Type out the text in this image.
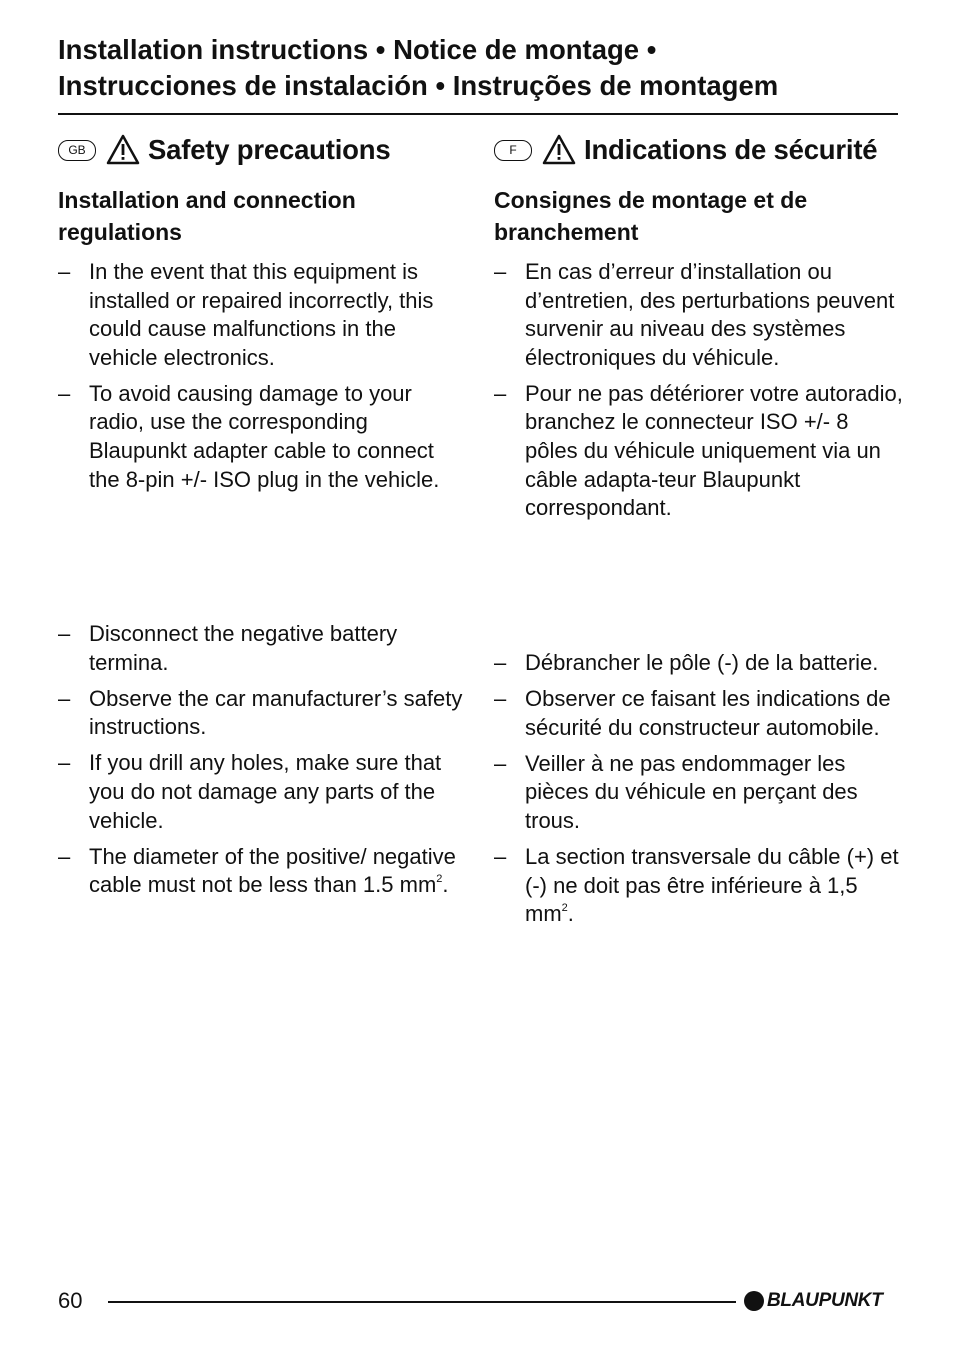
Installation instructions • Notice de montage •
Instrucciones de instalación • Instruções de montagem
GB	Safety precautions
Installation and connection regulations
– In the event that this equipment is installed or repaired incorrectly, this could cause malfunctions in the vehicle electronics.
– To avoid causing damage to your radio, use the corresponding Blaupunkt adapter cable to connect the 8-pin +/- ISO plug in the vehicle.
– Disconnect the negative battery termina.
– Observe the car manufacturer’s safety instructions.
– If you drill any holes, make sure that you do not damage any parts of the vehicle.
– The diameter of the positive/ negative cable must not be less than 1.5 $mm^2$.
F	Indications de sécurité
Consignes de montage et de branchement
– En cas d’erreur d’installation ou d’entretien, des perturbations peuvent survenir au niveau des systèmes électroniques du véhicule.
– Pour ne pas détériorer votre autoradio, branchez le connecteur ISO +/- 8 pôles du véhicule uniquement via un câble adapta-teur Blaupunkt correspondant.
– Débrancher le pôle (-) de la batterie.
– Observer ce faisant les indications de sécurité du constructeur automobile.
– Veiller à ne pas endommager les pièces du véhicule en perçant des trous.
– La section transversale du câble (+) et (-) ne doit pas être inférieure à 1,5 $mm^2$.
60	BLAUPUNKT
